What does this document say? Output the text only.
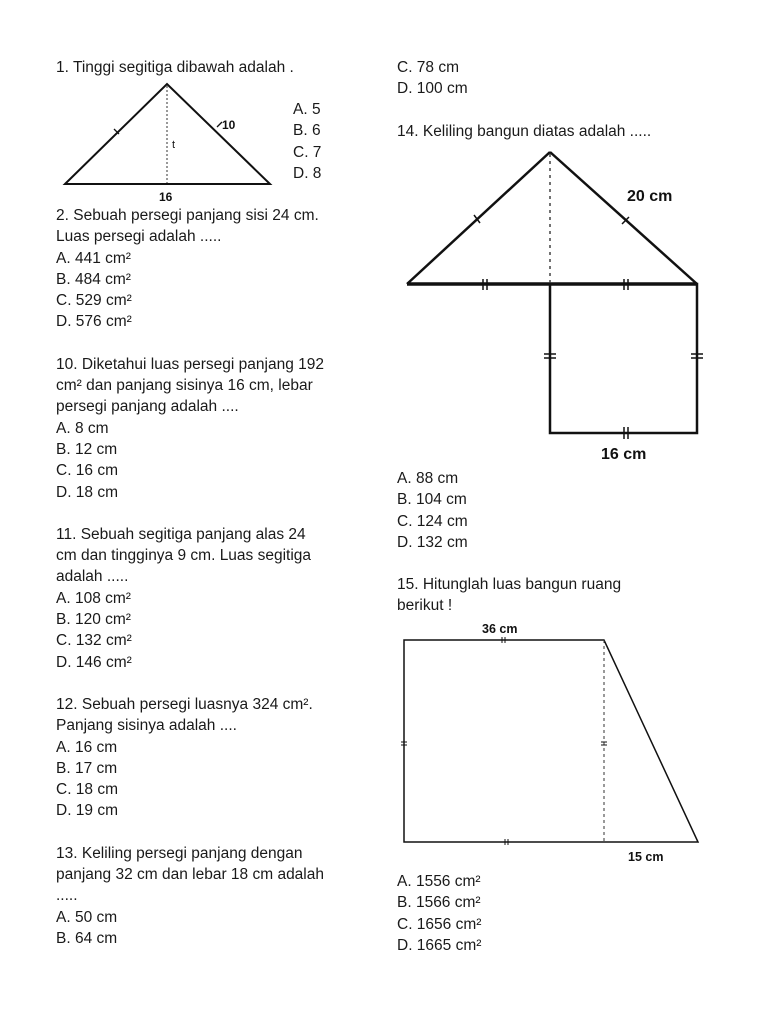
1. Tinggi segitiga dibawah adalah .

10
t
16

A. 5

B. 6

C. 7

D. 8

2. Sebuah persegi panjang sisi 24 cm.

Luas persegi adalah .....

A. 441 cm²

B. 484 cm²

C. 529 cm²

D. 576 cm²

10. Diketahui luas persegi panjang 192

cm² dan panjang sisinya 16 cm, lebar

persegi panjang adalah ....

A. 8 cm

B. 12 cm

C. 16 cm

D. 18 cm

11. Sebuah segitiga panjang alas 24

cm dan tingginya 9 cm. Luas segitiga

adalah .....

A. 108 cm²

B. 120 cm²

C. 132 cm²

D. 146 cm²

12. Sebuah persegi luasnya 324 cm².

Panjang sisinya adalah ....

A. 16 cm

B. 17 cm

C. 18 cm

D. 19 cm

13. Keliling persegi panjang dengan

panjang 32 cm dan lebar 18 cm adalah

.....

A. 50 cm

B. 64 cm

C. 78 cm

D. 100 cm

14. Keliling bangun diatas adalah .....

20 cm
16 cm

A. 88 cm

B. 104 cm

C. 124 cm

D. 132 cm

15. Hitunglah luas bangun ruang

berikut !

36 cm
15 cm

A. 1556 cm²

B. 1566 cm²

C. 1656 cm²

D. 1665 cm²
